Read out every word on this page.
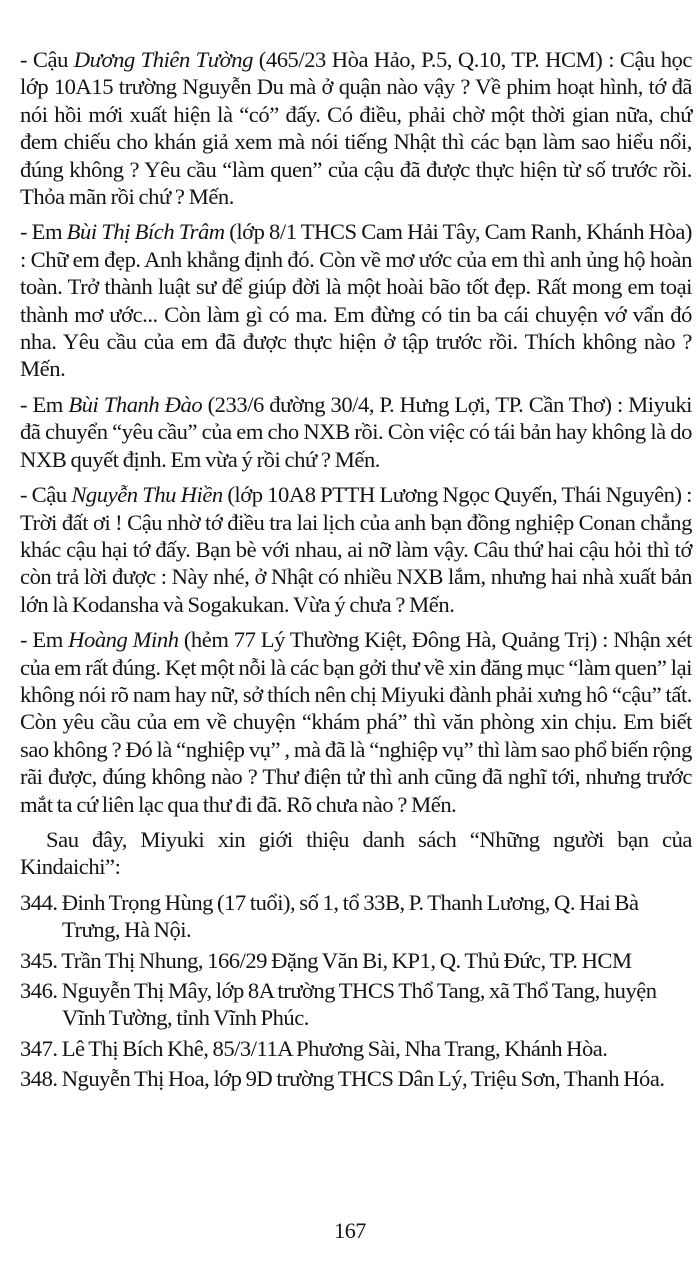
- Cậu Dương Thiên Tường (465/23 Hòa Hảo, P.5, Q.10, TP. HCM) : Cậu học lớp 10A15 trường Nguyễn Du mà ở quận nào vậy ? Về phim hoạt hình, tớ đã nói hồi mới xuất hiện là “có” đấy. Có điều, phải chờ một thời gian nữa, chứ đem chiếu cho khán giả xem mà nói tiếng Nhật thì các bạn làm sao hiểu nổi, đúng không ? Yêu cầu “làm quen” của cậu đã được thực hiện từ số trước rồi. Thỏa mãn rồi chứ ? Mến.

- Em Bùi Thị Bích Trâm (lớp 8/1 THCS Cam Hải Tây, Cam Ranh, Khánh Hòa) : Chữ em đẹp. Anh khẳng định đó. Còn về mơ ước của em thì anh ủng hộ hoàn toàn. Trở thành luật sư để giúp đời là một hoài bão tốt đẹp. Rất mong em toại thành mơ ước... Còn làm gì có ma. Em đừng có tin ba cái chuyện vớ vẩn đó nha. Yêu cầu của em đã được thực hiện ở tập trước rồi. Thích không nào ? Mến.

- Em Bùi Thanh Đào (233/6 đường 30/4, P. Hưng Lợi, TP. Cần Thơ) : Miyuki đã chuyển “yêu cầu” của em cho NXB rồi. Còn việc có tái bản hay không là do NXB quyết định. Em vừa ý rồi chứ ? Mến.

- Cậu Nguyễn Thu Hiền (lớp 10A8 PTTH Lương Ngọc Quyến, Thái Nguyên) : Trời đất ơi ! Cậu nhờ tớ điều tra lai lịch của anh bạn đồng nghiệp Conan chẳng khác cậu hại tớ đấy. Bạn bè với nhau, ai nỡ làm vậy. Câu thứ hai cậu hỏi thì tớ còn trả lời được : Này nhé, ở Nhật có nhiều NXB lắm, nhưng hai nhà xuất bản lớn là Kodansha và Sogakukan. Vừa ý chưa ? Mến.

- Em Hoàng Minh (hẻm 77 Lý Thường Kiệt, Đông Hà, Quảng Trị) : Nhận xét của em rất đúng. Kẹt một nỗi là các bạn gởi thư về xin đăng mục “làm quen” lại không nói rõ nam hay nữ, sở thích nên chị Miyuki đành phải xưng hô “cậu” tất. Còn yêu cầu của em về chuyện “khám phá” thì văn phòng xin chịu. Em biết sao không ? Đó là “nghiệp vụ” , mà đã là “nghiệp vụ” thì làm sao phổ biến rộng rãi được, đúng không nào ? Thư điện tử thì anh cũng đã nghĩ tới, nhưng trước mắt ta cứ liên lạc qua thư đi đã. Rõ chưa nào ? Mến.

Sau đây, Miyuki xin giới thiệu danh sách “Những người bạn của Kindaichi”:

344. Đinh Trọng Hùng (17 tuổi), số 1, tổ 33B, P. Thanh Lương, Q. Hai Bà Trưng, Hà Nội.
345. Trần Thị Nhung, 166/29 Đặng Văn Bi, KP1, Q. Thủ Đức, TP. HCM
346. Nguyễn Thị Mây, lớp 8A trường THCS Thổ Tang, xã Thổ Tang, huyện Vĩnh Tường, tỉnh Vĩnh Phúc.
347. Lê Thị Bích Khê, 85/3/11A Phương Sài, Nha Trang, Khánh Hòa.
348. Nguyễn Thị Hoa, lớp 9D trường THCS Dân Lý, Triệu Sơn, Thanh Hóa.
167
